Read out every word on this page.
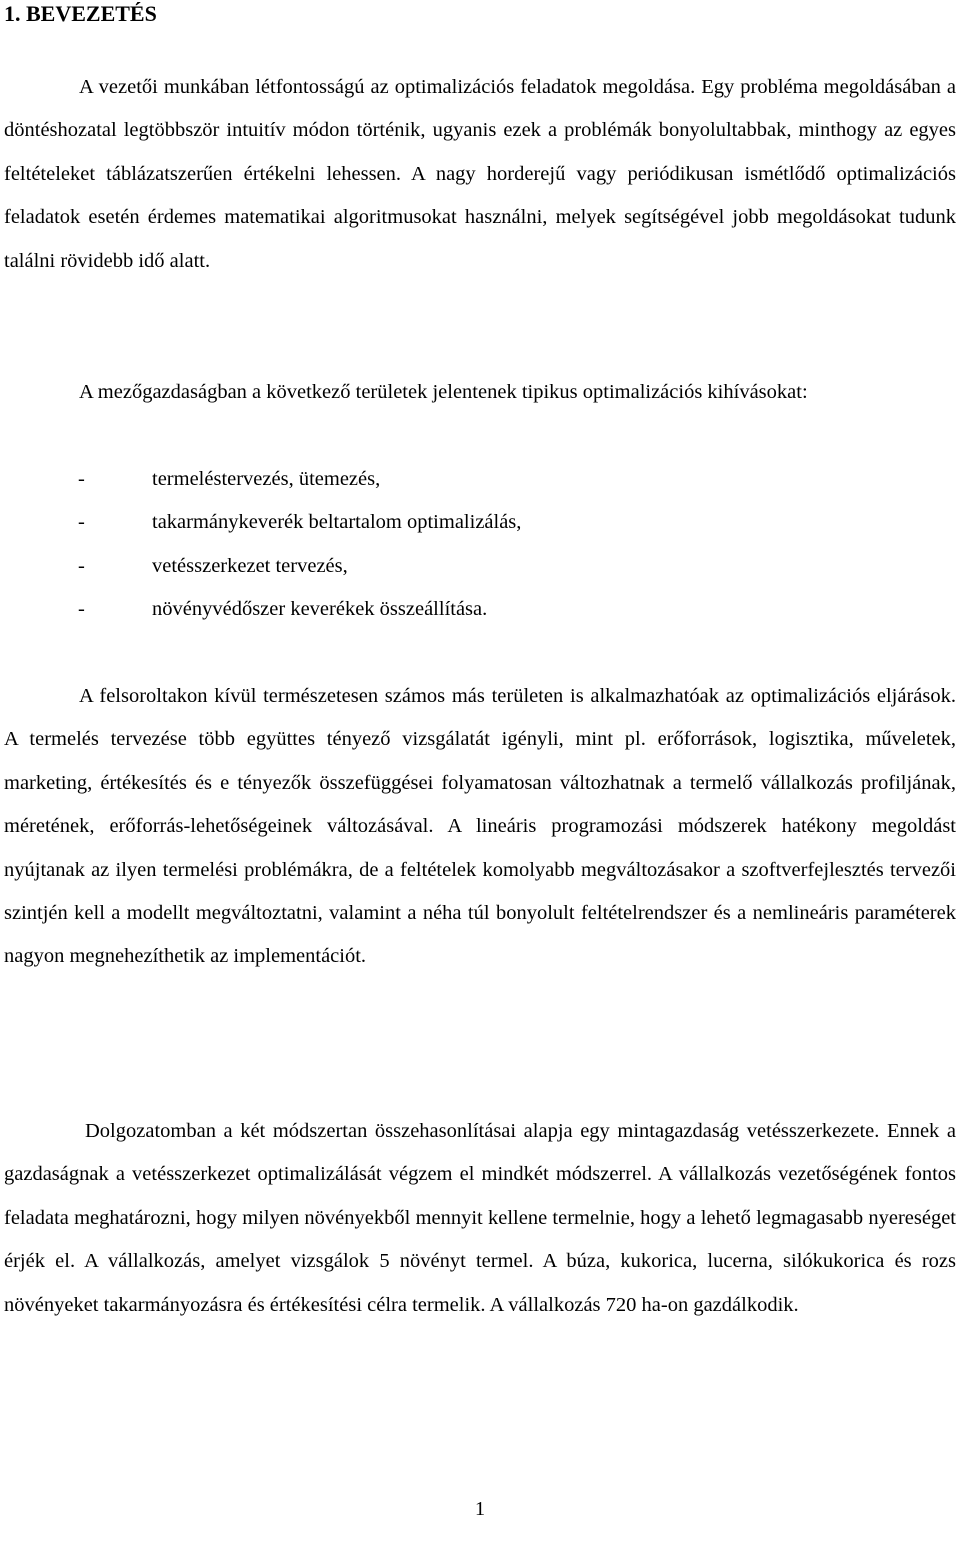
1. BEVEZETÉS

A vezetői munkában létfontosságú az optimalizációs feladatok megoldása. Egy probléma megoldásában a döntéshozatal legtöbbször intuitív módon történik, ugyanis ezek a problémák bonyolultabbak, minthogy az egyes feltételeket táblázatszerűen értékelni lehessen. A nagy horderejű vagy periódikusan ismétlődő optimalizációs feladatok esetén érdemes matematikai algoritmusokat használni, melyek segítségével jobb megoldásokat tudunk találni rövidebb idő alatt.

A mezőgazdaságban a következő területek jelentenek tipikus optimalizációs kihívásokat:

-	termeléstervezés, ütemezés,
-	takarmánykeverék beltartalom optimalizálás,
-	vetésszerkezet tervezés,
-	növényvédőszer keverékek összeállítása.

A felsoroltakon kívül természetesen számos más területen is alkalmazhatóak az optimalizációs eljárások. A termelés tervezése több együttes tényező vizsgálatát igényli, mint pl. erőforrások, logisztika, műveletek, marketing, értékesítés és e tényezők összefüggései folyamatosan változhatnak a termelő vállalkozás profiljának, méretének, erőforrás-lehetőségeinek változásával. A lineáris programozási módszerek hatékony megoldást nyújtanak az ilyen termelési problémákra, de a feltételek komolyabb megváltozásakor a szoftverfejlesztés tervezői szintjén kell a modellt megváltoztatni, valamint a néha túl bonyolult feltételrendszer és a nemlineáris paraméterek nagyon megnehezíthetik az implementációt.

Dolgozatomban a két módszertan összehasonlításai alapja egy mintagazdaság vetésszerkezete. Ennek a gazdaságnak a vetésszerkezet optimalizálását végzem el mindkét módszerrel. A vállalkozás vezetőségének fontos feladata meghatározni, hogy milyen növényekből mennyit kellene termelnie, hogy a lehető legmagasabb nyereséget érjék el. A vállalkozás, amelyet vizsgálok 5 növényt termel. A búza, kukorica, lucerna, silókukorica és rozs növényeket takarmányozásra és értékesítési célra termelik. A vállalkozás 720 ha-on gazdálkodik.

1
